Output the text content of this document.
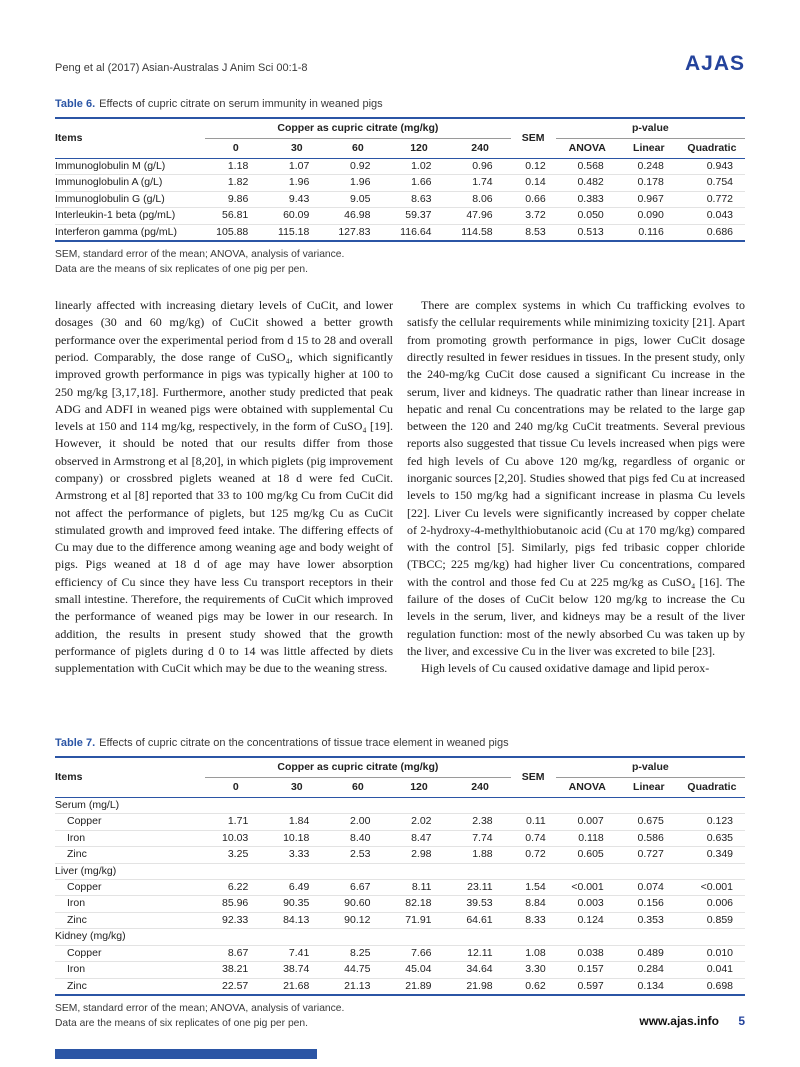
Peng et al (2017) Asian-Australas J Anim Sci 00:1-8	AJAS
Table 6. Effects of cupric citrate on serum immunity in weaned pigs
Items	Copper as cupric citrate (mg/kg)					SEM	p-value		
	0	30	60	120	240		ANOVA	Linear	Quadratic
Immunoglobulin M (g/L)	1.18	1.07	0.92	1.02	0.96	0.12	0.568	0.248	0.943
Immunoglobulin A (g/L)	1.82	1.96	1.96	1.66	1.74	0.14	0.482	0.178	0.754
Immunoglobulin G (g/L)	9.86	9.43	9.05	8.63	8.06	0.66	0.383	0.967	0.772
Interleukin-1 beta (pg/mL)	56.81	60.09	46.98	59.37	47.96	3.72	0.050	0.090	0.043
Interferon gamma (pg/mL)	105.88	115.18	127.83	116.64	114.58	8.53	0.513	0.116	0.686
SEM, standard error of the mean; ANOVA, analysis of variance.
Data are the means of six replicates of one pig per pen.

linearly affected with increasing dietary levels of CuCit, and lower dosages (30 and 60 mg/kg) of CuCit showed a better growth performance over the experimental period from d 15 to 28 and overall period. Comparably, the dose range of CuSO₄, which significantly improved growth performance in pigs was typically higher at 100 to 250 mg/kg [3,17,18]. Furthermore, another study predicted that peak ADG and ADFI in weaned pigs were obtained with supplemental Cu levels at 150 and 114 mg/kg, respectively, in the form of CuSO₄ [19]. However, it should be noted that our results differ from those observed in Armstrong et al [8,20], in which piglets (pig improvement company) or crossbred piglets weaned at 18 d were fed CuCit. Armstrong et al [8] reported that 33 to 100 mg/kg Cu from CuCit did not affect the performance of piglets, but 125 mg/kg Cu as CuCit stimulated growth and improved feed intake. The differing effects of Cu may due to the difference among weaning age and body weight of pigs. Pigs weaned at 18 d of age may have lower absorption efficiency of Cu since they have less Cu transport receptors in their small intestine. Therefore, the requirements of CuCit which improved the performance of weaned pigs may be lower in our research. In addition, the results in present study showed that the growth performance of piglets during d 0 to 14 was little affected by diets supplementation with CuCit which may be due to the weaning stress.

There are complex systems in which Cu trafficking evolves to satisfy the cellular requirements while minimizing toxicity [21]. Apart from promoting growth performance in pigs, lower CuCit dosage directly resulted in fewer residues in tissues. In the present study, only the 240-mg/kg CuCit dose caused a significant Cu increase in the serum, liver and kidneys. The quadratic rather than linear increase in hepatic and renal Cu concentrations may be related to the large gap between the 120 and 240 mg/kg CuCit treatments. Several previous reports also suggested that tissue Cu levels increased when pigs were fed high levels of Cu above 120 mg/kg, regardless of organic or inorganic sources [2,20]. Studies showed that pigs fed Cu at increased levels to 150 mg/kg had a significant increase in plasma Cu levels [22]. Liver Cu levels were significantly increased by copper chelate of 2-hydroxy-4-methylthiobutanoic acid (Cu at 170 mg/kg) compared with the control [5]. Similarly, pigs fed tribasic copper chloride (TBCC; 225 mg/kg) had higher liver Cu concentrations, compared with the control and those fed Cu at 225 mg/kg as CuSO₄ [16]. The failure of the doses of CuCit below 120 mg/kg to increase the Cu levels in the serum, liver, and kidneys may be a result of the liver regulation function: most of the newly absorbed Cu was taken up by the liver, and excessive Cu in the liver was excreted to bile [23].

High levels of Cu caused oxidative damage and lipid perox-

Table 7. Effects of cupric citrate on the concentrations of tissue trace element in weaned pigs
Items	Copper as cupric citrate (mg/kg)					SEM	p-value		
	0	30	60	120	240		ANOVA	Linear	Quadratic
Serum (mg/L)									
Copper	1.71	1.84	2.00	2.02	2.38	0.11	0.007	0.675	0.123
Iron	10.03	10.18	8.40	8.47	7.74	0.74	0.118	0.586	0.635
Zinc	3.25	3.33	2.53	2.98	1.88	0.72	0.605	0.727	0.349
Liver (mg/kg)									
Copper	6.22	6.49	6.67	8.11	23.11	1.54	<0.001	0.074	<0.001
Iron	85.96	90.35	90.60	82.18	39.53	8.84	0.003	0.156	0.006
Zinc	92.33	84.13	90.12	71.91	64.61	8.33	0.124	0.353	0.859
Kidney (mg/kg)									
Copper	8.67	7.41	8.25	7.66	12.11	1.08	0.038	0.489	0.010
Iron	38.21	38.74	44.75	45.04	34.64	3.30	0.157	0.284	0.041
Zinc	22.57	21.68	21.13	21.89	21.98	0.62	0.597	0.134	0.698
SEM, standard error of the mean; ANOVA, analysis of variance.
Data are the means of six replicates of one pig per pen.	www.ajas.info 5
